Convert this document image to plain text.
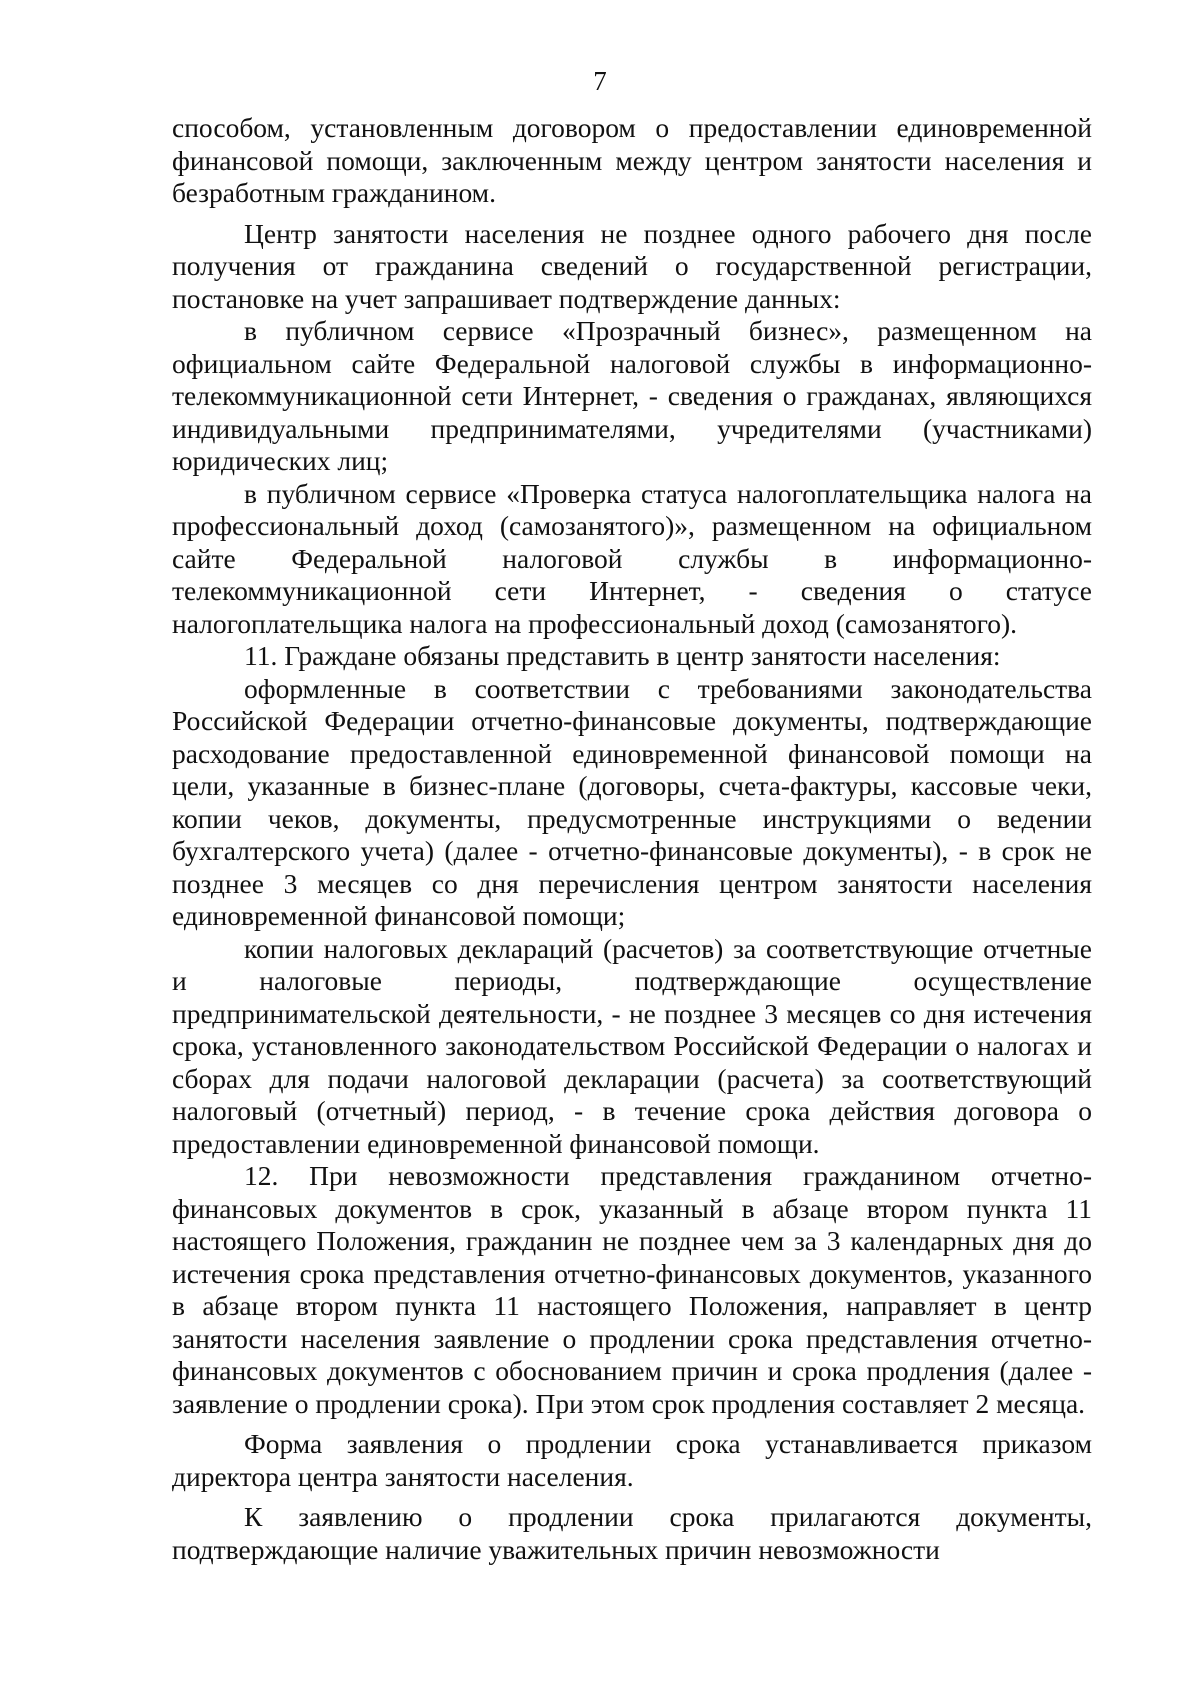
7

способом, установленным договором о предоставлении единовременной финансовой помощи, заключенным между центром занятости населения и безработным гражданином.

Центр занятости населения не позднее одного рабочего дня после получения от гражданина сведений о государственной регистрации, постановке на учет запрашивает подтверждение данных:

в публичном сервисе «Прозрачный бизнес», размещенном на официальном сайте Федеральной налоговой службы в информационно-телекоммуникационной сети Интернет, - сведения о гражданах, являющихся индивидуальными предпринимателями, учредителями (участниками) юридических лиц;

в публичном сервисе «Проверка статуса налогоплательщика налога на профессиональный доход (самозанятого)», размещенном на официальном сайте Федеральной налоговой службы в информационно-телекоммуникационной сети Интернет, - сведения о статусе налогоплательщика налога на профессиональный доход (самозанятого).

11. Граждане обязаны представить в центр занятости населения:

оформленные в соответствии с требованиями законодательства Российской Федерации отчетно-финансовые документы, подтверждающие расходование предоставленной единовременной финансовой помощи на цели, указанные в бизнес-плане (договоры, счета-фактуры, кассовые чеки, копии чеков, документы, предусмотренные инструкциями о ведении бухгалтерского учета) (далее - отчетно-финансовые документы), - в срок не позднее 3 месяцев со дня перечисления центром занятости населения единовременной финансовой помощи;

копии налоговых деклараций (расчетов) за соответствующие отчетные и налоговые периоды, подтверждающие осуществление предпринимательской деятельности, - не позднее 3 месяцев со дня истечения срока, установленного законодательством Российской Федерации о налогах и сборах для подачи налоговой декларации (расчета) за соответствующий налоговый (отчетный) период, - в течение срока действия договора о предоставлении единовременной финансовой помощи.

12. При невозможности представления гражданином отчетно-финансовых документов в срок, указанный в абзаце втором пункта 11 настоящего Положения, гражданин не позднее чем за 3 календарных дня до истечения срока представления отчетно-финансовых документов, указанного в абзаце втором пункта 11 настоящего Положения, направляет в центр занятости населения заявление о продлении срока представления отчетно-финансовых документов с обоснованием причин и срока продления (далее - заявление о продлении срока). При этом срок продления составляет 2 месяца.

Форма заявления о продлении срока устанавливается приказом директора центра занятости населения.

К заявлению о продлении срока прилагаются документы, подтверждающие наличие уважительных причин невозможности
